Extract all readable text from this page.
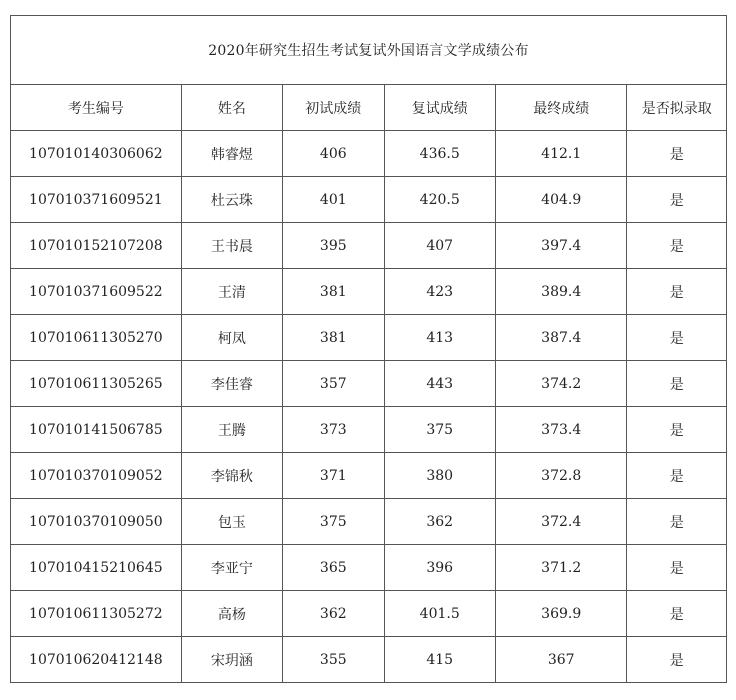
2020年研究生招生考试复试外国语言文学成绩公布					
考生编号	姓名	初试成绩	复试成绩	最终成绩	是否拟录取
107010140306062	韩睿煜	406	436.5	412.1	是
107010371609521	杜云珠	401	420.5	404.9	是
107010152107208	王书晨	395	407	397.4	是
107010371609522	王清	381	423	389.4	是
107010611305270	柯凤	381	413	387.4	是
107010611305265	李佳睿	357	443	374.2	是
107010141506785	王腾	373	375	373.4	是
107010370109052	李锦秋	371	380	372.8	是
107010370109050	包玉	375	362	372.4	是
107010415210645	李亚宁	365	396	371.2	是
107010611305272	高杨	362	401.5	369.9	是
107010620412148	宋玥涵	355	415	367	是
